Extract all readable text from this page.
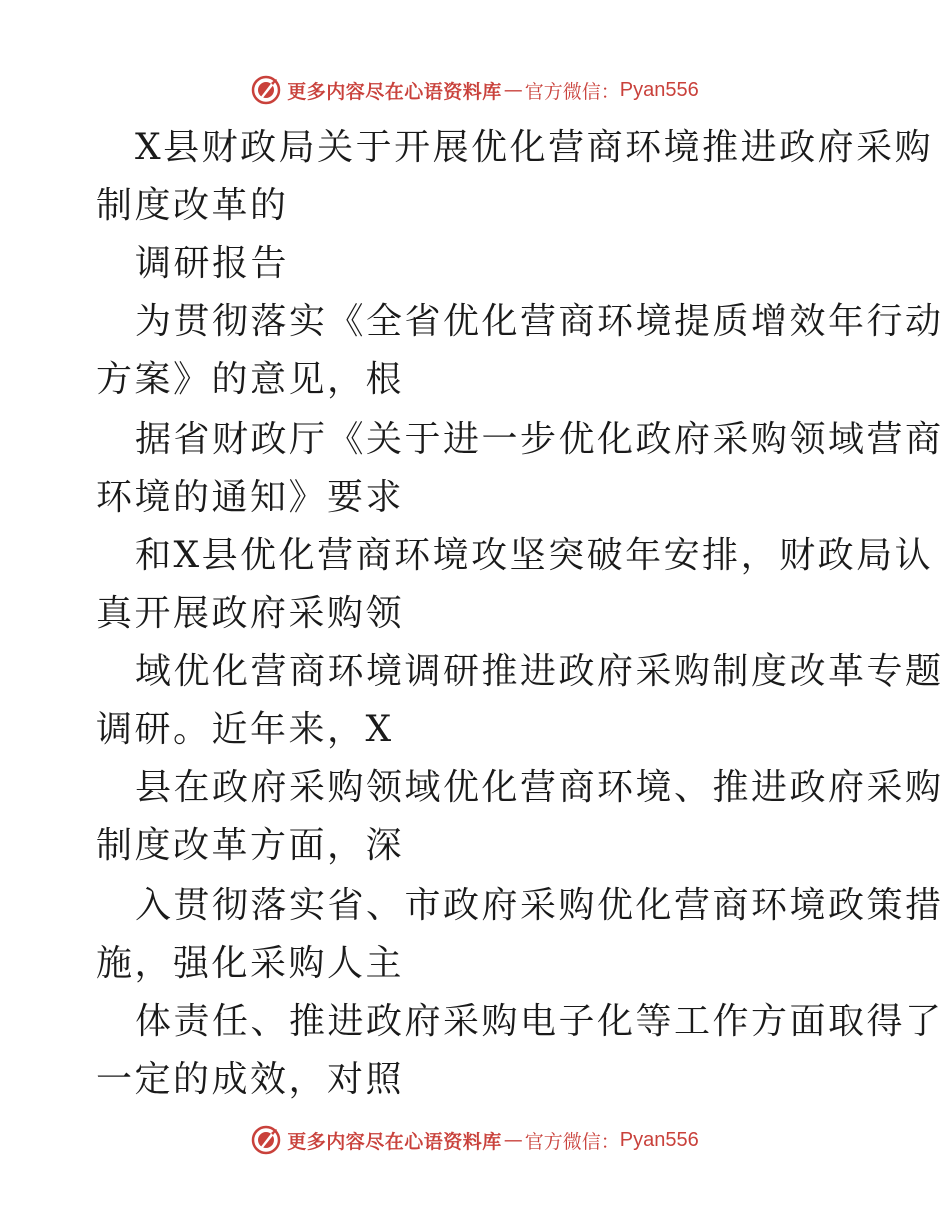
更多内容尽在心语资料库 — 官方微信： Pyan556
X县财政局关于开展优化营商环境推进政府采购
制度改革的
调研报告
为贯彻落实《全省优化营商环境提质增效年行动
方案》的意见，根
据省财政厅《关于进一步优化政府采购领域营商
环境的通知》要求
和X县优化营商环境攻坚突破年安排，财政局认
真开展政府采购领
域优化营商环境调研推进政府采购制度改革专题
调研。近年来，X
县在政府采购领域优化营商环境、推进政府采购
制度改革方面，深
入贯彻落实省、市政府采购优化营商环境政策措
施，强化采购人主
体责任、推进政府采购电子化等工作方面取得了
一定的成效，对照
更多内容尽在心语资料库 — 官方微信： Pyan556
